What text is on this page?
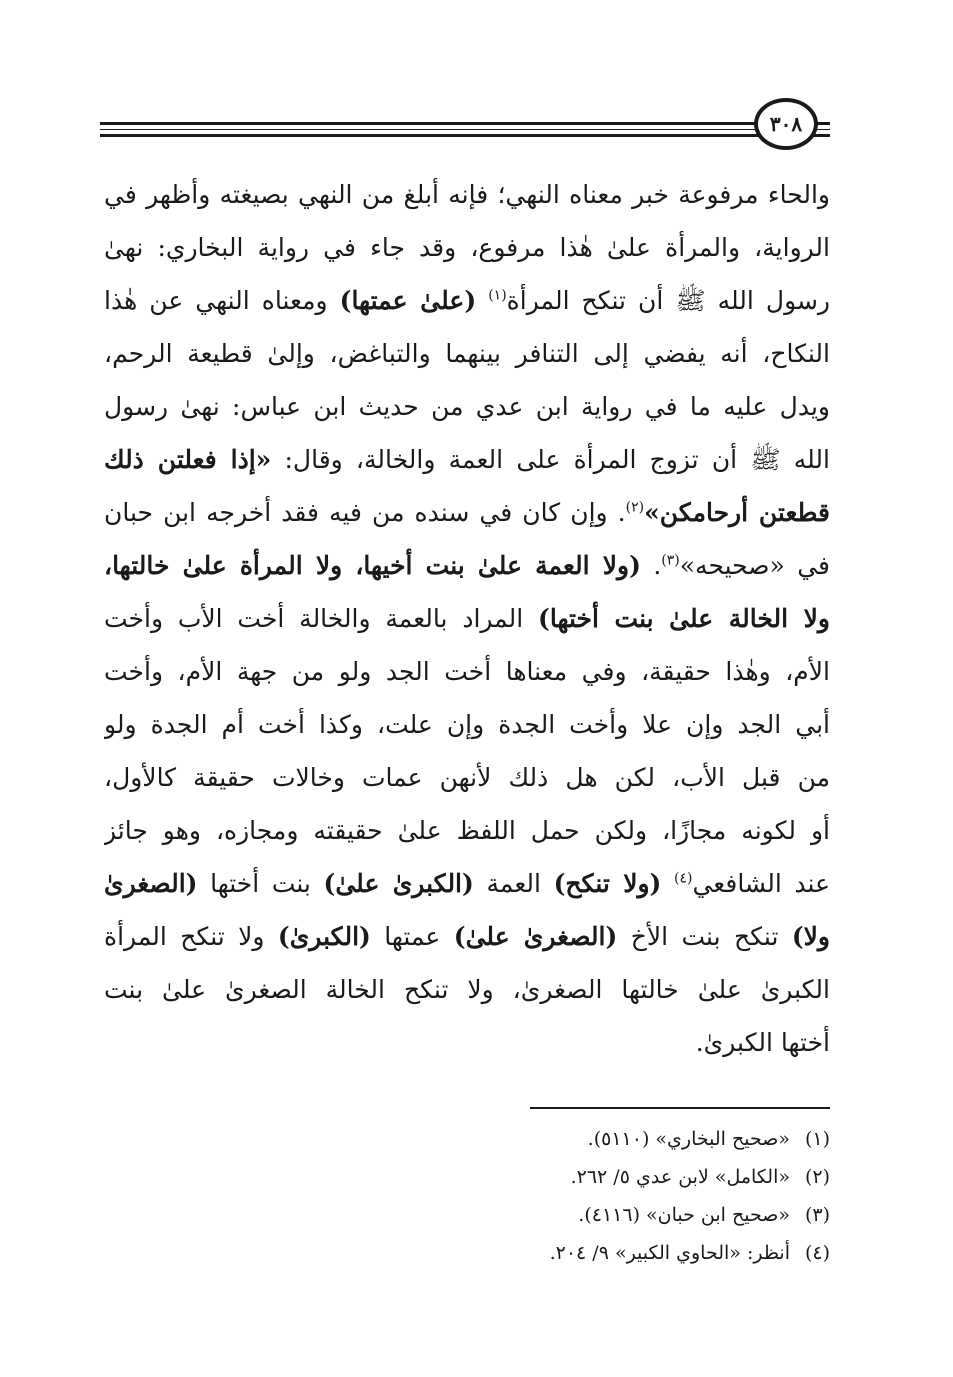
٣٠٨
والحاء مرفوعة خبر معناه النهي؛ فإنه أبلغ من النهي بصيغته وأظهر في
الرواية، والمرأة علىٰ هٰذا مرفوع، وقد جاء في رواية البخاري: نهىٰ
رسول الله ﷺ أن تنكح المرأة$^{(١)}$ (علىٰ عمتها) ومعناه النهي عن هٰذا
النكاح، أنه يفضي إلى التنافر بينهما والتباغض، وإلىٰ قطيعة الرحم،
ويدل عليه ما في رواية ابن عدي من حديث ابن عباس: نهىٰ رسول
الله ﷺ أن تزوج المرأة على العمة والخالة، وقال: «إذا فعلتن ذلك
قطعتن أرحامكن»$^{(٢)}$. وإن كان في سنده من فيه فقد أخرجه ابن حبان
في «صحيحه»$^{(٣)}$. (ولا العمة علىٰ بنت أخيها، ولا المرأة علىٰ خالتها،
ولا الخالة علىٰ بنت أختها) المراد بالعمة والخالة أخت الأب وأخت
الأم، وهٰذا حقيقة، وفي معناها أخت الجد ولو من جهة الأم، وأخت
أبي الجد وإن علا وأخت الجدة وإن علت، وكذا أخت أم الجدة ولو
من قبل الأب، لكن هل ذلك لأنهن عمات وخالات حقيقة كالأول،
أو لكونه مجازًا، ولكن حمل اللفظ علىٰ حقيقته ومجازه، وهو جائز
عند الشافعي$^{(٤)}$ (ولا تنكح) العمة (الكبرىٰ علىٰ) بنت أختها (الصغرىٰ
ولا) تنكح بنت الأخ (الصغرىٰ علىٰ) عمتها (الكبرىٰ) ولا تنكح المرأة
الكبرىٰ علىٰ خالتها الصغرىٰ، ولا تنكح الخالة الصغرىٰ علىٰ بنت
أختها الكبرىٰ.
(١)«صحيح البخاري» (٥١١٠).
(٢)«الكامل» لابن عدي ٥/ ٢٦٢.
(٣)«صحيح ابن حبان» (٤١١٦).
(٤)أنظر: «الحاوي الكبير» ٩/ ٢٠٤.
